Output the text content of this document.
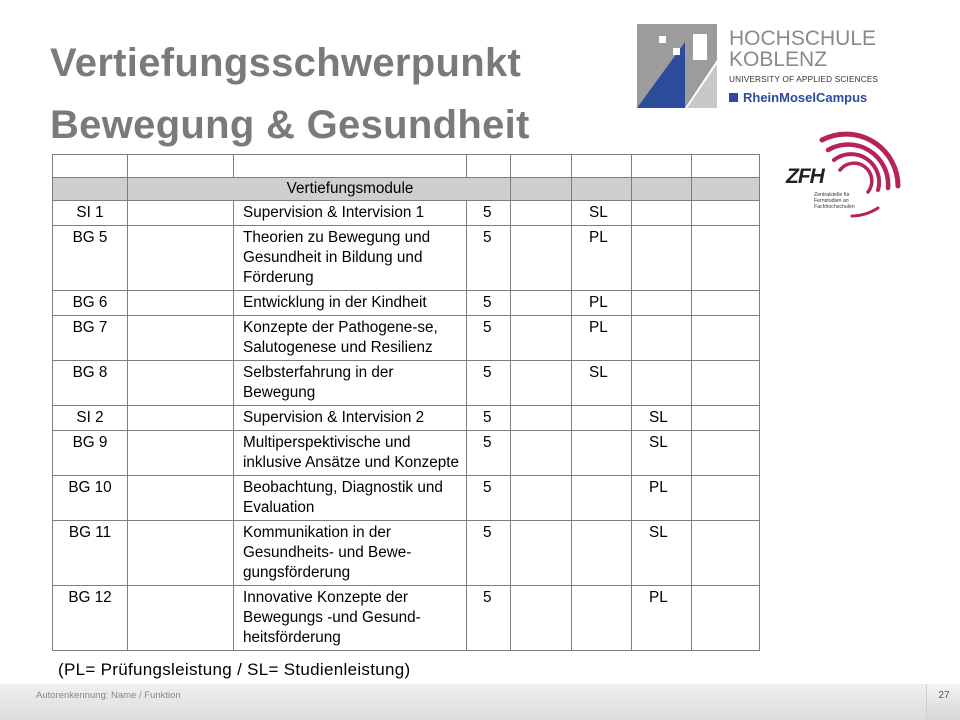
Vertiefungsschwerpunkt
Bewegung & Gesundheit
HOCHSCHULE
KOBLENZ
UNIVERSITY OF APPLIED SCIENCES
RheinMoselCampus
ZFH
Zentralstelle für Fernstudien an Fachhochschulen

		Vertiefungsmodule					
SI 1		Supervision & Intervision 1	5		SL		
BG 5		Theorien zu Bewegung und Gesundheit in Bildung und Förderung	5		PL		
BG 6		Entwicklung in der Kindheit	5		PL		
BG 7		Konzepte der Pathogene-se, Salutogenese und Resilienz	5		PL		
BG 8		Selbsterfahrung in der Bewegung	5		SL		
SI 2		Supervision & Intervision 2	5			SL	
BG 9		Multiperspektivische und inklusive Ansätze und Konzepte	5			SL	
BG 10		Beobachtung, Diagnostik und Evaluation	5			PL	
BG 11		Kommunikation in der Gesundheits- und Bewe-gungsförderung	5			SL	
BG 12		Innovative Konzepte der Bewegungs -und Gesund-heitsförderung	5			PL	

(PL= Prüfungsleistung / SL= Studienleistung)

Autorenkennung: Name / Funktion	27
